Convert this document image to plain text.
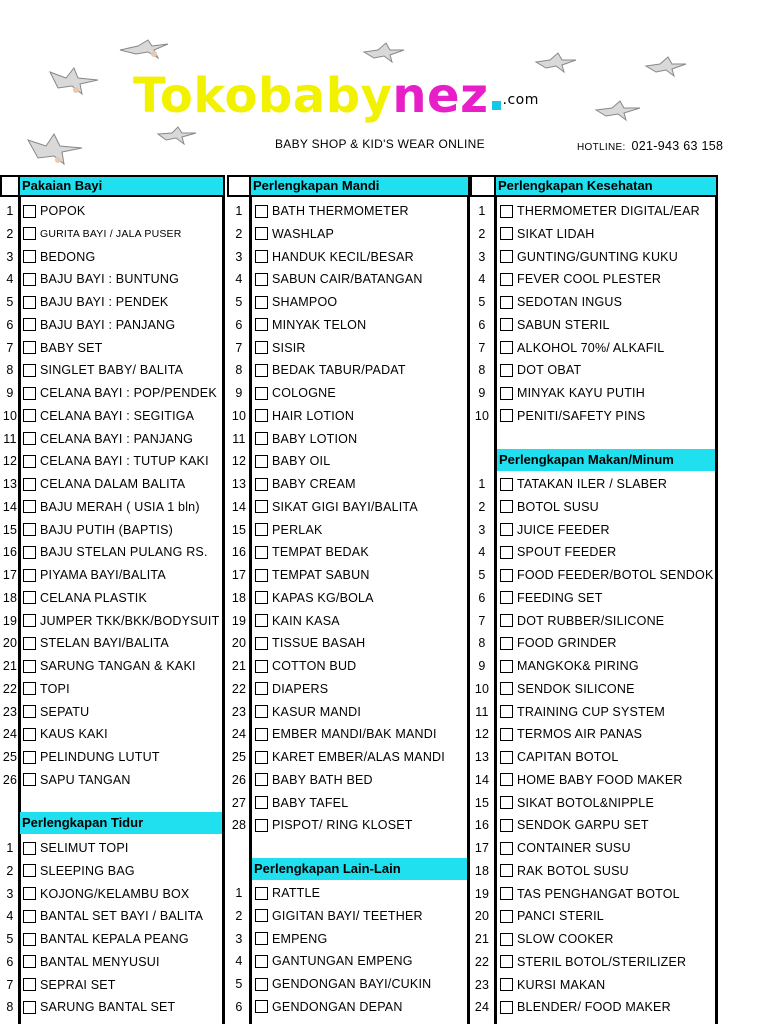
Tokobabynez .com
BABY SHOP & KID'S WEAR ONLINE	HOTLINE: 021-943 63 158
Pakaian Bayi
Perlengkapan Tidur
1	POPOK
2	GURITA BAYI / JALA PUSER
3	BEDONG
4	BAJU BAYI : BUNTUNG
5	BAJU BAYI : PENDEK
6	BAJU BAYI : PANJANG
7	BABY SET
8	SINGLET BABY/ BALITA
9	CELANA BAYI : POP/PENDEK
10 CELANA BAYI : SEGITIGA
11 CELANA BAYI : PANJANG
12 CELANA BAYI : TUTUP KAKI
13 CELANA DALAM BALITA
14 BAJU MERAH ( USIA 1 bln)
15 BAJU PUTIH (BAPTIS)
16 BAJU STELAN PULANG RS.
17 PIYAMA BAYI/BALITA
18 CELANA PLASTIK
19 JUMPER TKK/BKK/BODYSUIT
20 STELAN BAYI/BALITA
21 SARUNG TANGAN & KAKI
22 TOPI
23 SEPATU
24 KAUS KAKI
25 PELINDUNG LUTUT
26 SAPU TANGAN
1	SELIMUT TOPI
2	SLEEPING BAG
3	KOJONG/KELAMBU BOX
4	BANTAL SET BAYI / BALITA
5	BANTAL KEPALA PEANG
6	BANTAL MENYUSUI
7	SEPRAI SET
8	SARUNG BANTAL SET
Perlengkapan Mandi
Perlengkapan Lain-Lain
1	BATH THERMOMETER
2	WASHLAP
3	HANDUK KECIL/BESAR
4	SABUN CAIR/BATANGAN
5	SHAMPOO
6	MINYAK TELON
7	SISIR
8	BEDAK TABUR/PADAT
9	COLOGNE
10	HAIR LOTION
11	BABY LOTION
12	BABY OIL
13	BABY CREAM
14	SIKAT GIGI BAYI/BALITA
15	PERLAK
16	TEMPAT BEDAK
17	TEMPAT SABUN
18	KAPAS KG/BOLA
19	KAIN KASA
20	TISSUE BASAH
21	COTTON BUD
22	DIAPERS
23	KASUR MANDI
24	EMBER MANDI/BAK MANDI
25	KARET EMBER/ALAS MANDI
26	BABY BATH BED
27	BABY TAFEL
28	PISPOT/ RING KLOSET
1	RATTLE
2	GIGITAN BAYI/ TEETHER
3	EMPENG
4	GANTUNGAN EMPENG
5	GENDONGAN BAYI/CUKIN
6	GENDONGAN DEPAN
Perlengkapan Kesehatan
Perlengkapan Makan/Minum
1	THERMOMETER DIGITAL/EAR
2	SIKAT LIDAH
3	GUNTING/GUNTING KUKU
4	FEVER COOL PLESTER
5	SEDOTAN INGUS
6	SABUN STERIL
7	ALKOHOL 70%/ ALKAFIL
8	DOT OBAT
9	MINYAK KAYU PUTIH
10	PENITI/SAFETY PINS
1	TATAKAN ILER / SLABER
2	BOTOL SUSU
3	JUICE FEEDER
4	SPOUT FEEDER
5	FOOD FEEDER/BOTOL SENDOK
6	FEEDING SET
7	DOT RUBBER/SILICONE
8	FOOD GRINDER
9	MANGKOK& PIRING
10	SENDOK SILICONE
11	TRAINING CUP SYSTEM
12	TERMOS AIR PANAS
13	CAPITAN BOTOL
14	HOME BABY FOOD MAKER
15	SIKAT BOTOL&NIPPLE
16	SENDOK GARPU SET
17	CONTAINER SUSU
18	RAK BOTOL SUSU
19	TAS PENGHANGAT BOTOL
20	PANCI STERIL
21	SLOW COOKER
22	STERIL BOTOL/STERILIZER
23	KURSI MAKAN
24	BLENDER/ FOOD MAKER
